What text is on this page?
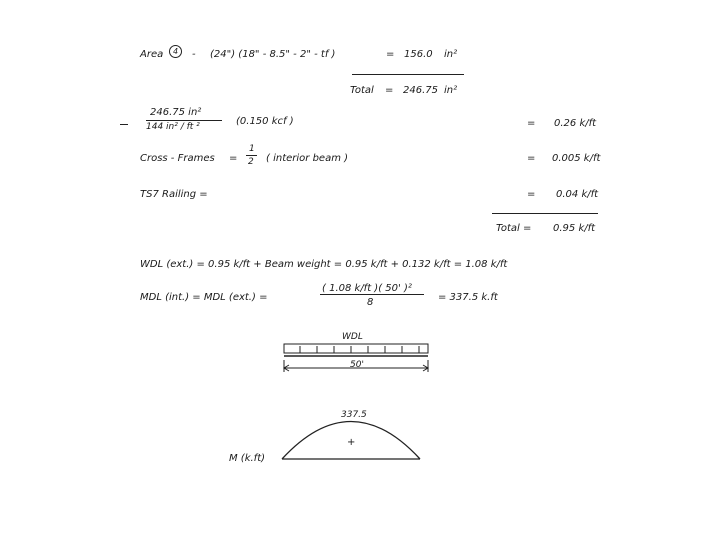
Area	4	- (24") (18" - 8.5" - 2" - tf )	= 156.0 in²
Total = 246.75 in²
246.75 in²
144 in² / ft ²	(0.150 kcf )	= 0.26 k/ft
Cross - Frames =
1
2 ( interior beam )	= 0.005 k/ft
TS7 Railing =	= 0.04 k/ft
Total = 0.95 k/ft
WDL (ext.) = 0.95 k/ft + Beam weight = 0.95 k/ft + 0.132 k/ft = 1.08 k/ft
MDL (int.) = MDL (ext.) =
( 1.08 k/ft )( 50' )²
8	= 337.5 k.ft
WDL
50'
337.5
+
M (k.ft)
